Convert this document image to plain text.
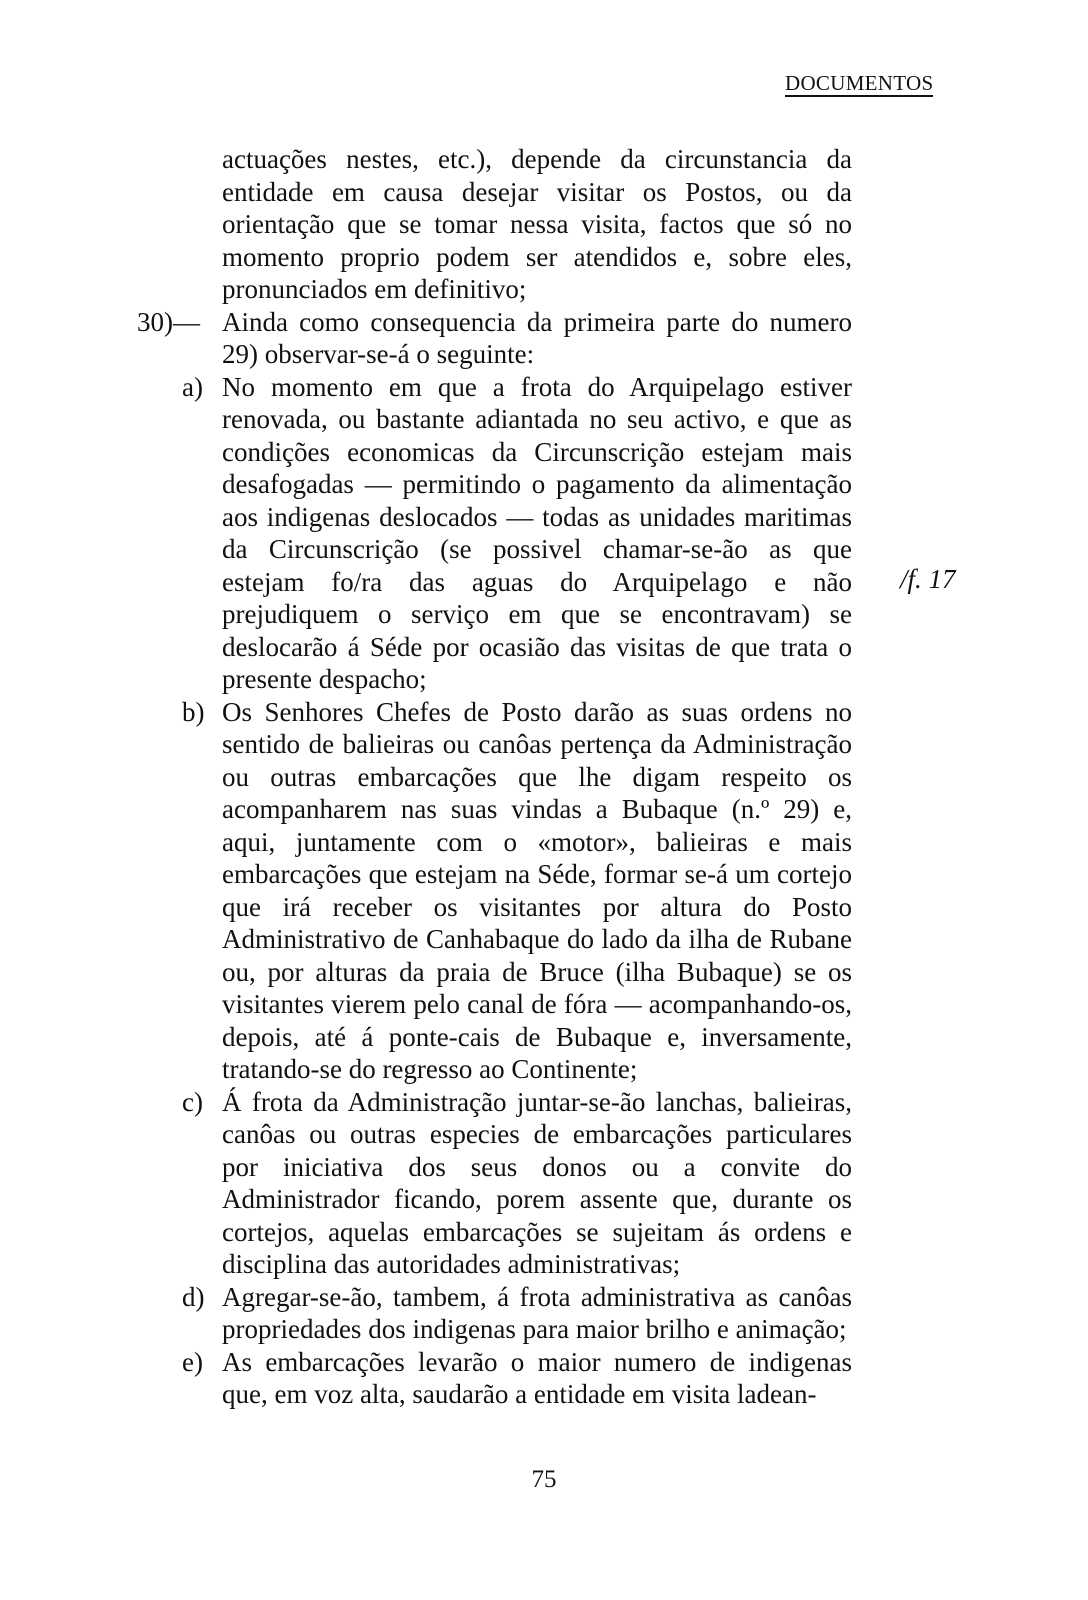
DOCUMENTOS

actuações nestes, etc.), depende da circunstancia da entidade em causa desejar visitar os Postos, ou da orientação que se tomar nessa visita, factos que só no momento proprio podem ser atendidos e, sobre eles, pronunciados em definitivo;

30)— Ainda como consequencia da primeira parte do numero 29) observar-se-á o seguinte:

a) No momento em que a frota do Arquipelago estiver renovada, ou bastante adiantada no seu activo, e que as condições economicas da Circunscrição estejam mais desafogadas — permitindo o pagamento da alimentação aos indigenas deslocados — todas as unidades maritimas da Circunscrição (se possivel chamar-se-ão as que estejam fo/ra das aguas do Arquipelago e não prejudiquem o serviço em que se encontravam) se deslocarão á Séde por ocasião das visitas de que trata o presente despacho;

b) Os Senhores Chefes de Posto darão as suas ordens no sentido de balieiras ou canôas pertença da Administração ou outras embarcações que lhe digam respeito os acompanharem nas suas vindas a Bubaque (n.º 29) e, aqui, juntamente com o «motor», balieiras e mais embarcações que estejam na Séde, formar se-á um cortejo que irá receber os visitantes por altura do Posto Administrativo de Canhabaque do lado da ilha de Rubane ou, por alturas da praia de Bruce (ilha Bubaque) se os visitantes vierem pelo canal de fóra — acompanhando-os, depois, até á ponte-cais de Bubaque e, inversamente, tratando-se do regresso ao Continente;

c) Á frota da Administração juntar-se-ão lanchas, balieiras, canôas ou outras especies de embarcações particulares por iniciativa dos seus donos ou a convite do Administrador ficando, porem assente que, durante os cortejos, aquelas embarcações se sujeitam ás ordens e disciplina das autoridades administrativas;

d) Agregar-se-ão, tambem, á frota administrativa as canôas propriedades dos indigenas para maior brilho e animação;

e) As embarcações levarão o maior numero de indigenas que, em voz alta, saudarão a entidade em visita ladean-

/f. 17
75
